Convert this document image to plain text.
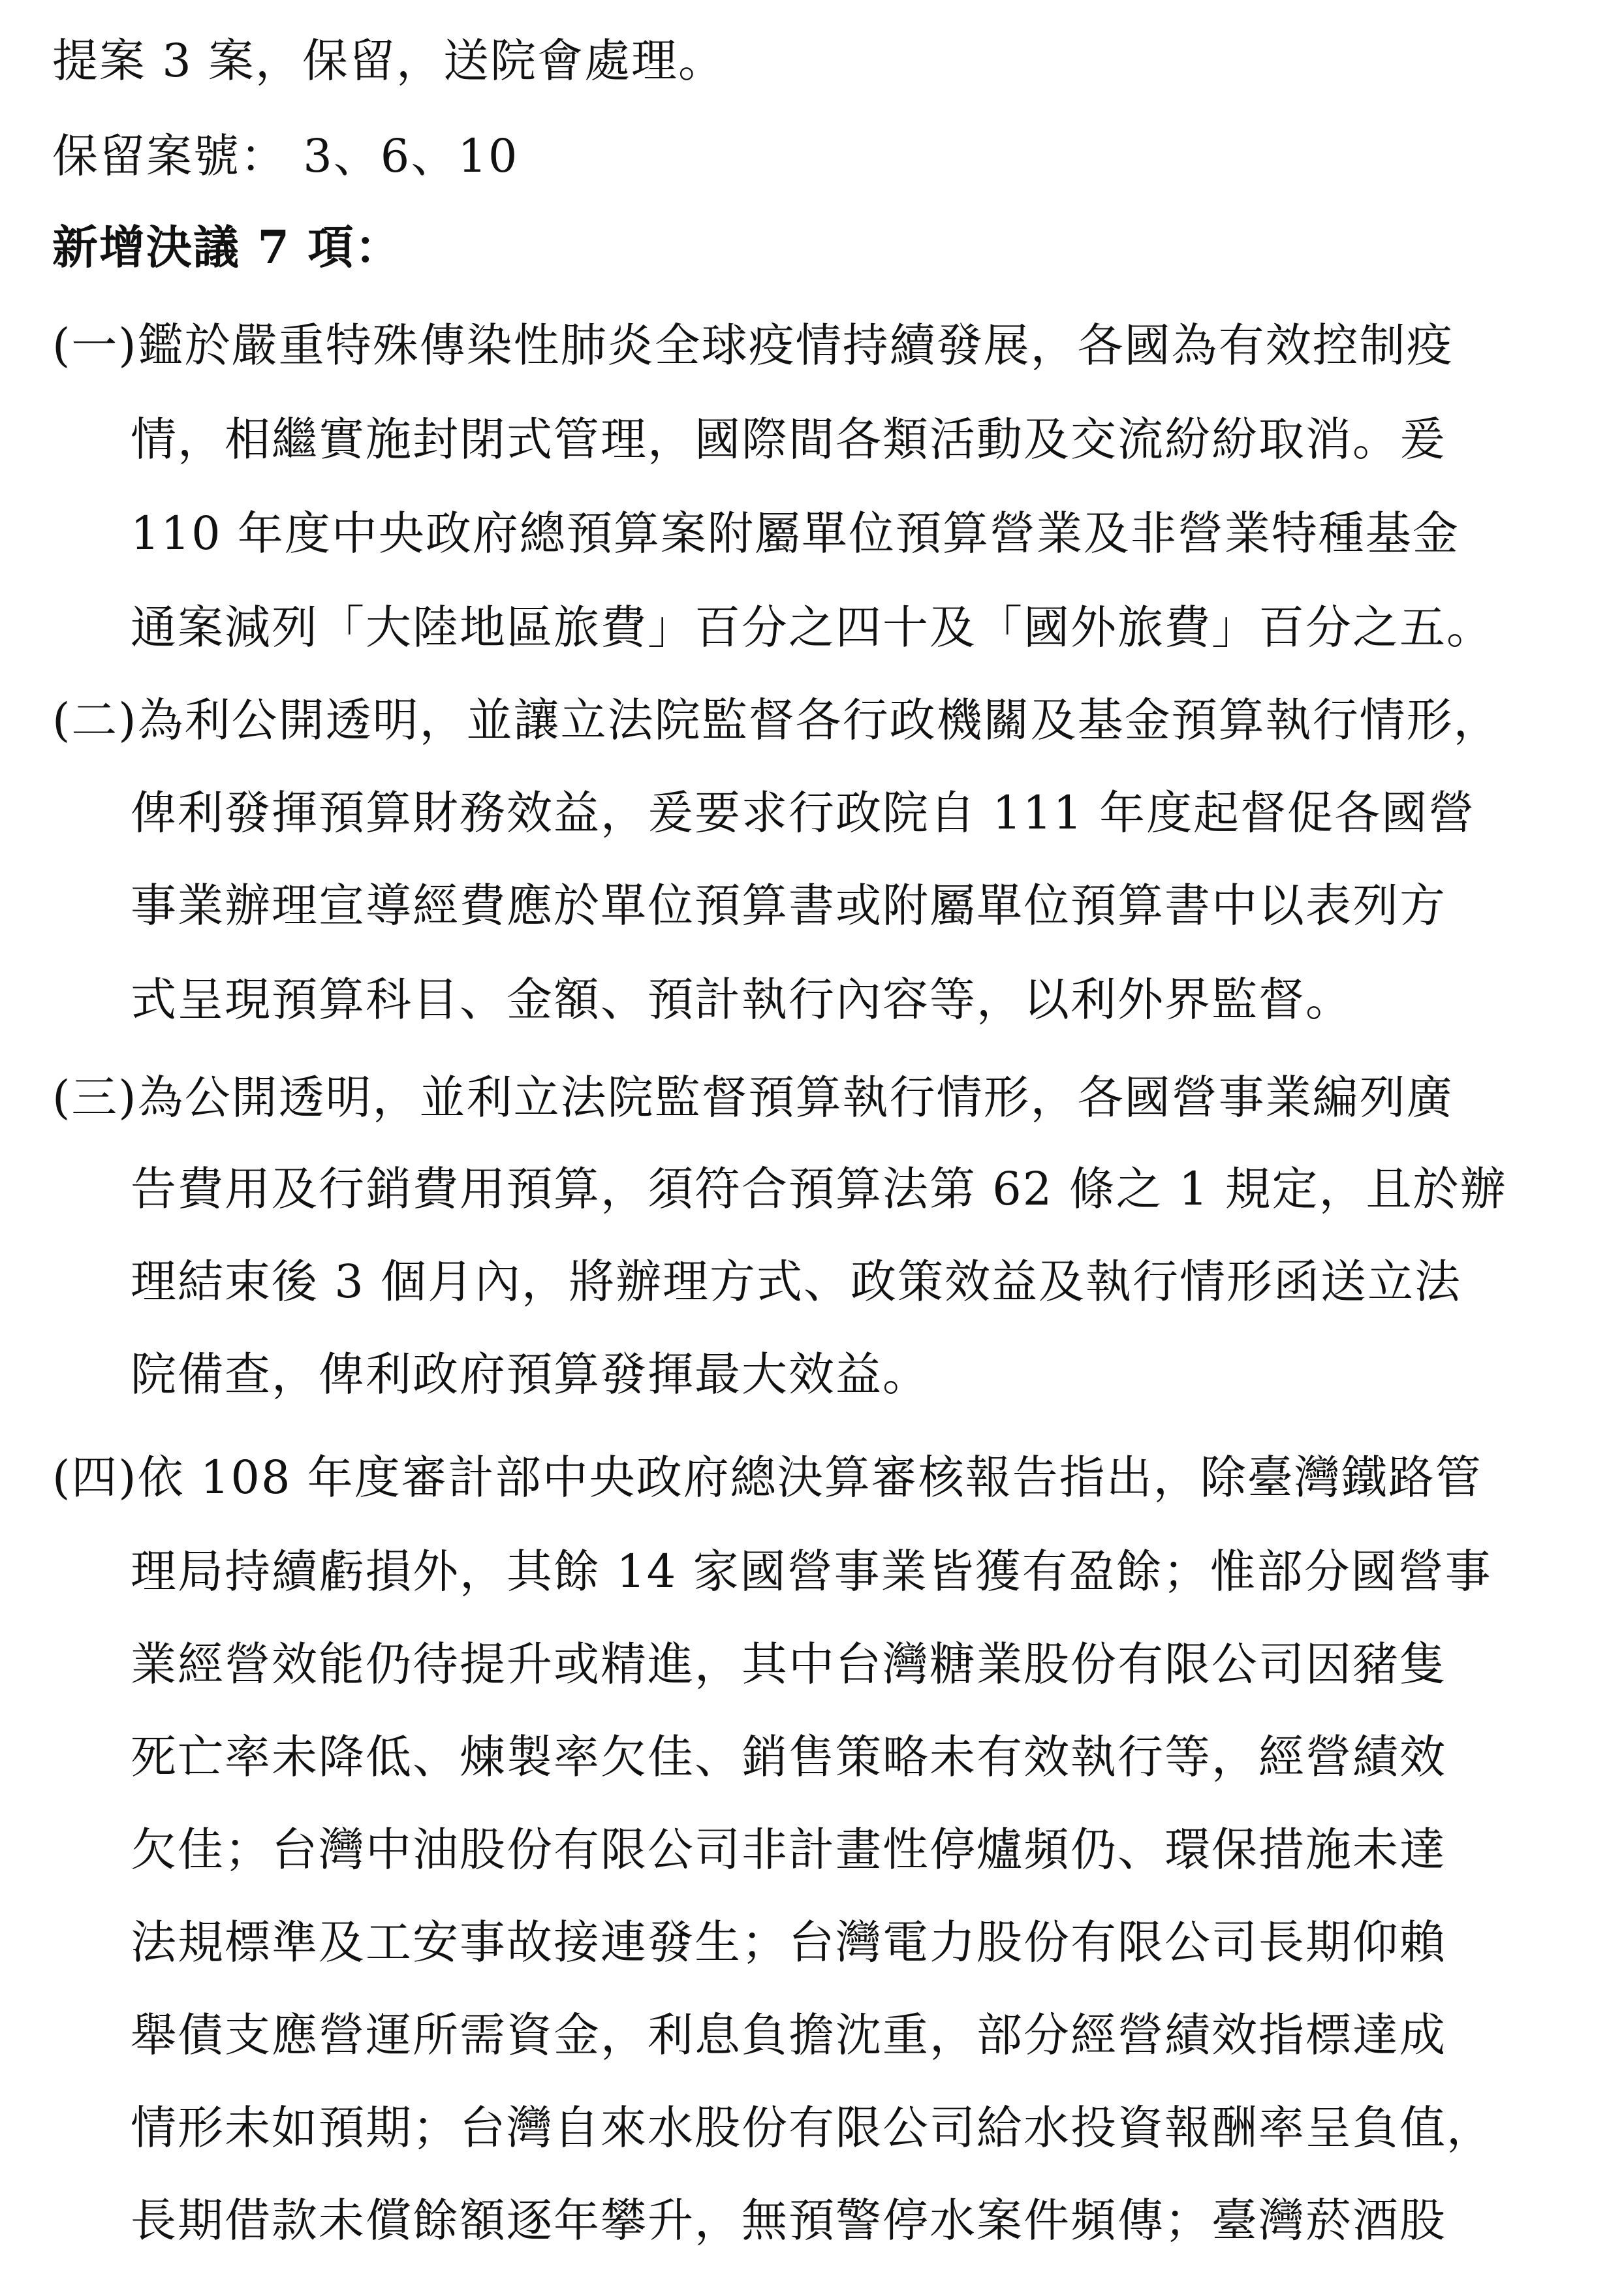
提案 3 案，保留，送院會處理。
保留案號： 3、6、10
新增決議 7 項：
(一)鑑於嚴重特殊傳染性肺炎全球疫情持續發展，各國為有效控制疫
情，相繼實施封閉式管理，國際間各類活動及交流紛紛取消。爰
110 年度中央政府總預算案附屬單位預算營業及非營業特種基金
通案減列「大陸地區旅費」百分之四十及「國外旅費」百分之五。
(二)為利公開透明，並讓立法院監督各行政機關及基金預算執行情形，
俾利發揮預算財務效益，爰要求行政院自 111 年度起督促各國營
事業辦理宣導經費應於單位預算書或附屬單位預算書中以表列方
式呈現預算科目、金額、預計執行內容等，以利外界監督。
(三)為公開透明，並利立法院監督預算執行情形，各國營事業編列廣
告費用及行銷費用預算，須符合預算法第 62 條之 1 規定，且於辦
理結束後 3 個月內，將辦理方式、政策效益及執行情形函送立法
院備查，俾利政府預算發揮最大效益。
(四)依 108 年度審計部中央政府總決算審核報告指出，除臺灣鐵路管
理局持續虧損外，其餘 14 家國營事業皆獲有盈餘；惟部分國營事
業經營效能仍待提升或精進，其中台灣糖業股份有限公司因豬隻
死亡率未降低、煉製率欠佳、銷售策略未有效執行等，經營績效
欠佳；台灣中油股份有限公司非計畫性停爐頻仍、環保措施未達
法規標準及工安事故接連發生；台灣電力股份有限公司長期仰賴
舉債支應營運所需資金，利息負擔沈重，部分經營績效指標達成
情形未如預期；台灣自來水股份有限公司給水投資報酬率呈負值，
長期借款未償餘額逐年攀升，無預警停水案件頻傳；臺灣菸酒股
